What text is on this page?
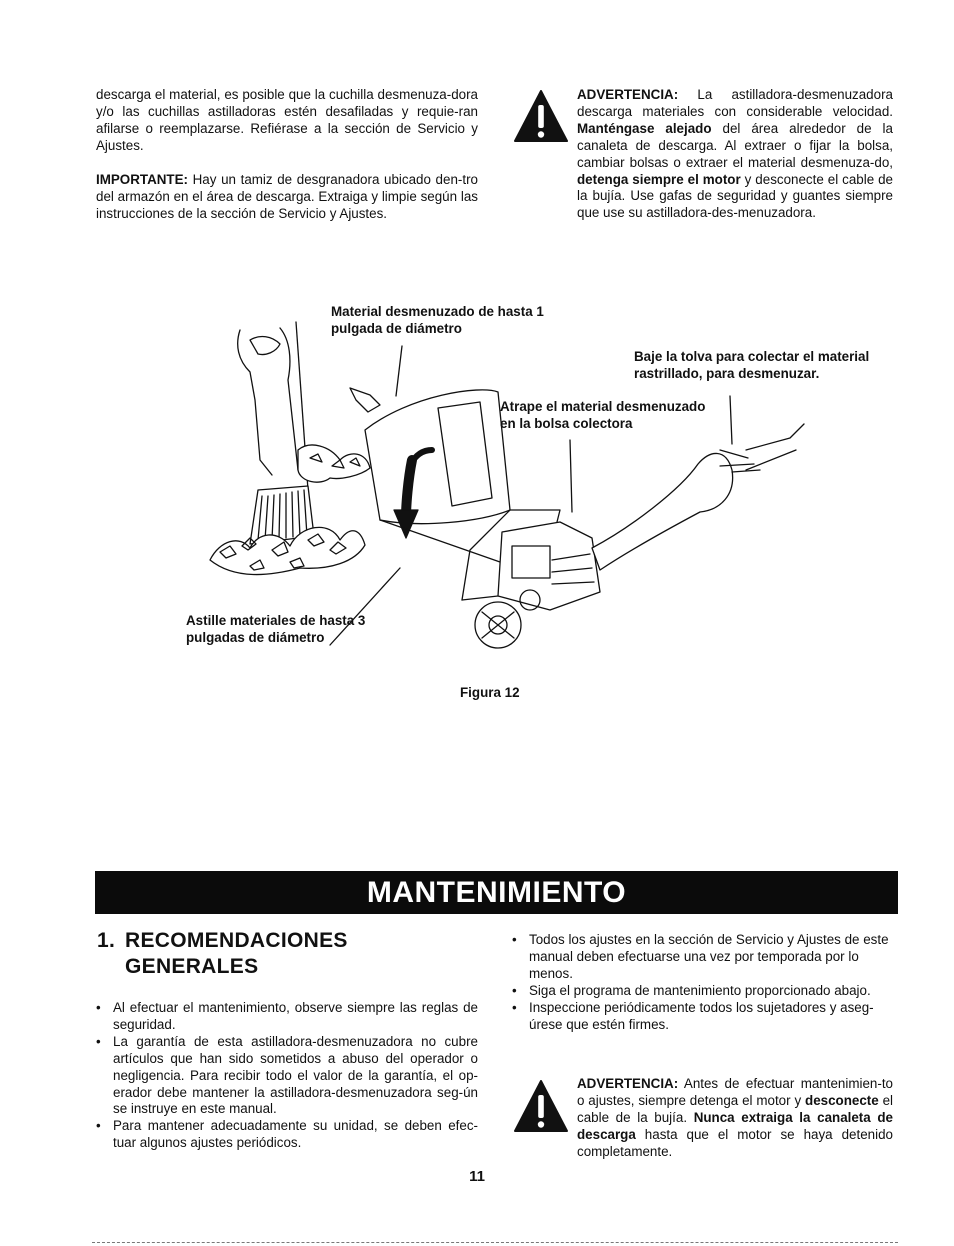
descarga el material, es posible que la cuchilla desmenuza-dora y/o las cuchillas astilladoras estén desafiladas y requie-ran afilarse o reemplazarse. Refiérase a la sección de Servicio y Ajustes.
IMPORTANTE: Hay un tamiz de desgranadora ubicado den-tro del armazón en el área de descarga. Extraiga y limpie según las instrucciones de la sección de Servicio y Ajustes.
ADVERTENCIA: La astilladora-desmenuzadora descarga materiales con considerable velocidad. Manténgase alejado del área alrededor de la canaleta de descarga. Al extraer o fijar la bolsa, cambiar bolsas o extraer el material desmenuza-do, detenga siempre el motor y desconecte el cable de la bujía. Use gafas de seguridad y guantes siempre que use su astilladora-des-menuzadora.
Material desmenuzado de hasta 1
pulgada de diámetro
Baje la tolva para colectar el material
rastrillado, para desmenuzar.
Atrape el material desmenuzado
en la bolsa colectora
Astille materiales de hasta 3
pulgadas de diámetro
Figura 12
MANTENIMIENTO
1. RECOMENDACIONES
GENERALES
• Al efectuar el mantenimiento, observe siempre las reglas de seguridad.
• La garantía de esta astilladora-desmenuzadora no cubre artículos que han sido sometidos a abuso del operador o negligencia. Para recibir todo el valor de la garantía, el op-erador debe mantener la astilladora-desmenuzadora seg-ún se instruye en este manual.
• Para mantener adecuadamente su unidad, se deben efec-tuar algunos ajustes periódicos.
• Todos los ajustes en la sección de Servicio y Ajustes de este manual deben efectuarse una vez por temporada por lo menos.
• Siga el programa de mantenimiento proporcionado abajo.
• Inspeccione periódicamente todos los sujetadores y aseg-úrese que estén firmes.
ADVERTENCIA: Antes de efectuar mantenimien-to o ajustes, siempre detenga el motor y desconecte el cable de la bujía. Nunca extraiga la canaleta de descarga hasta que el motor se haya detenido completamente.
11
